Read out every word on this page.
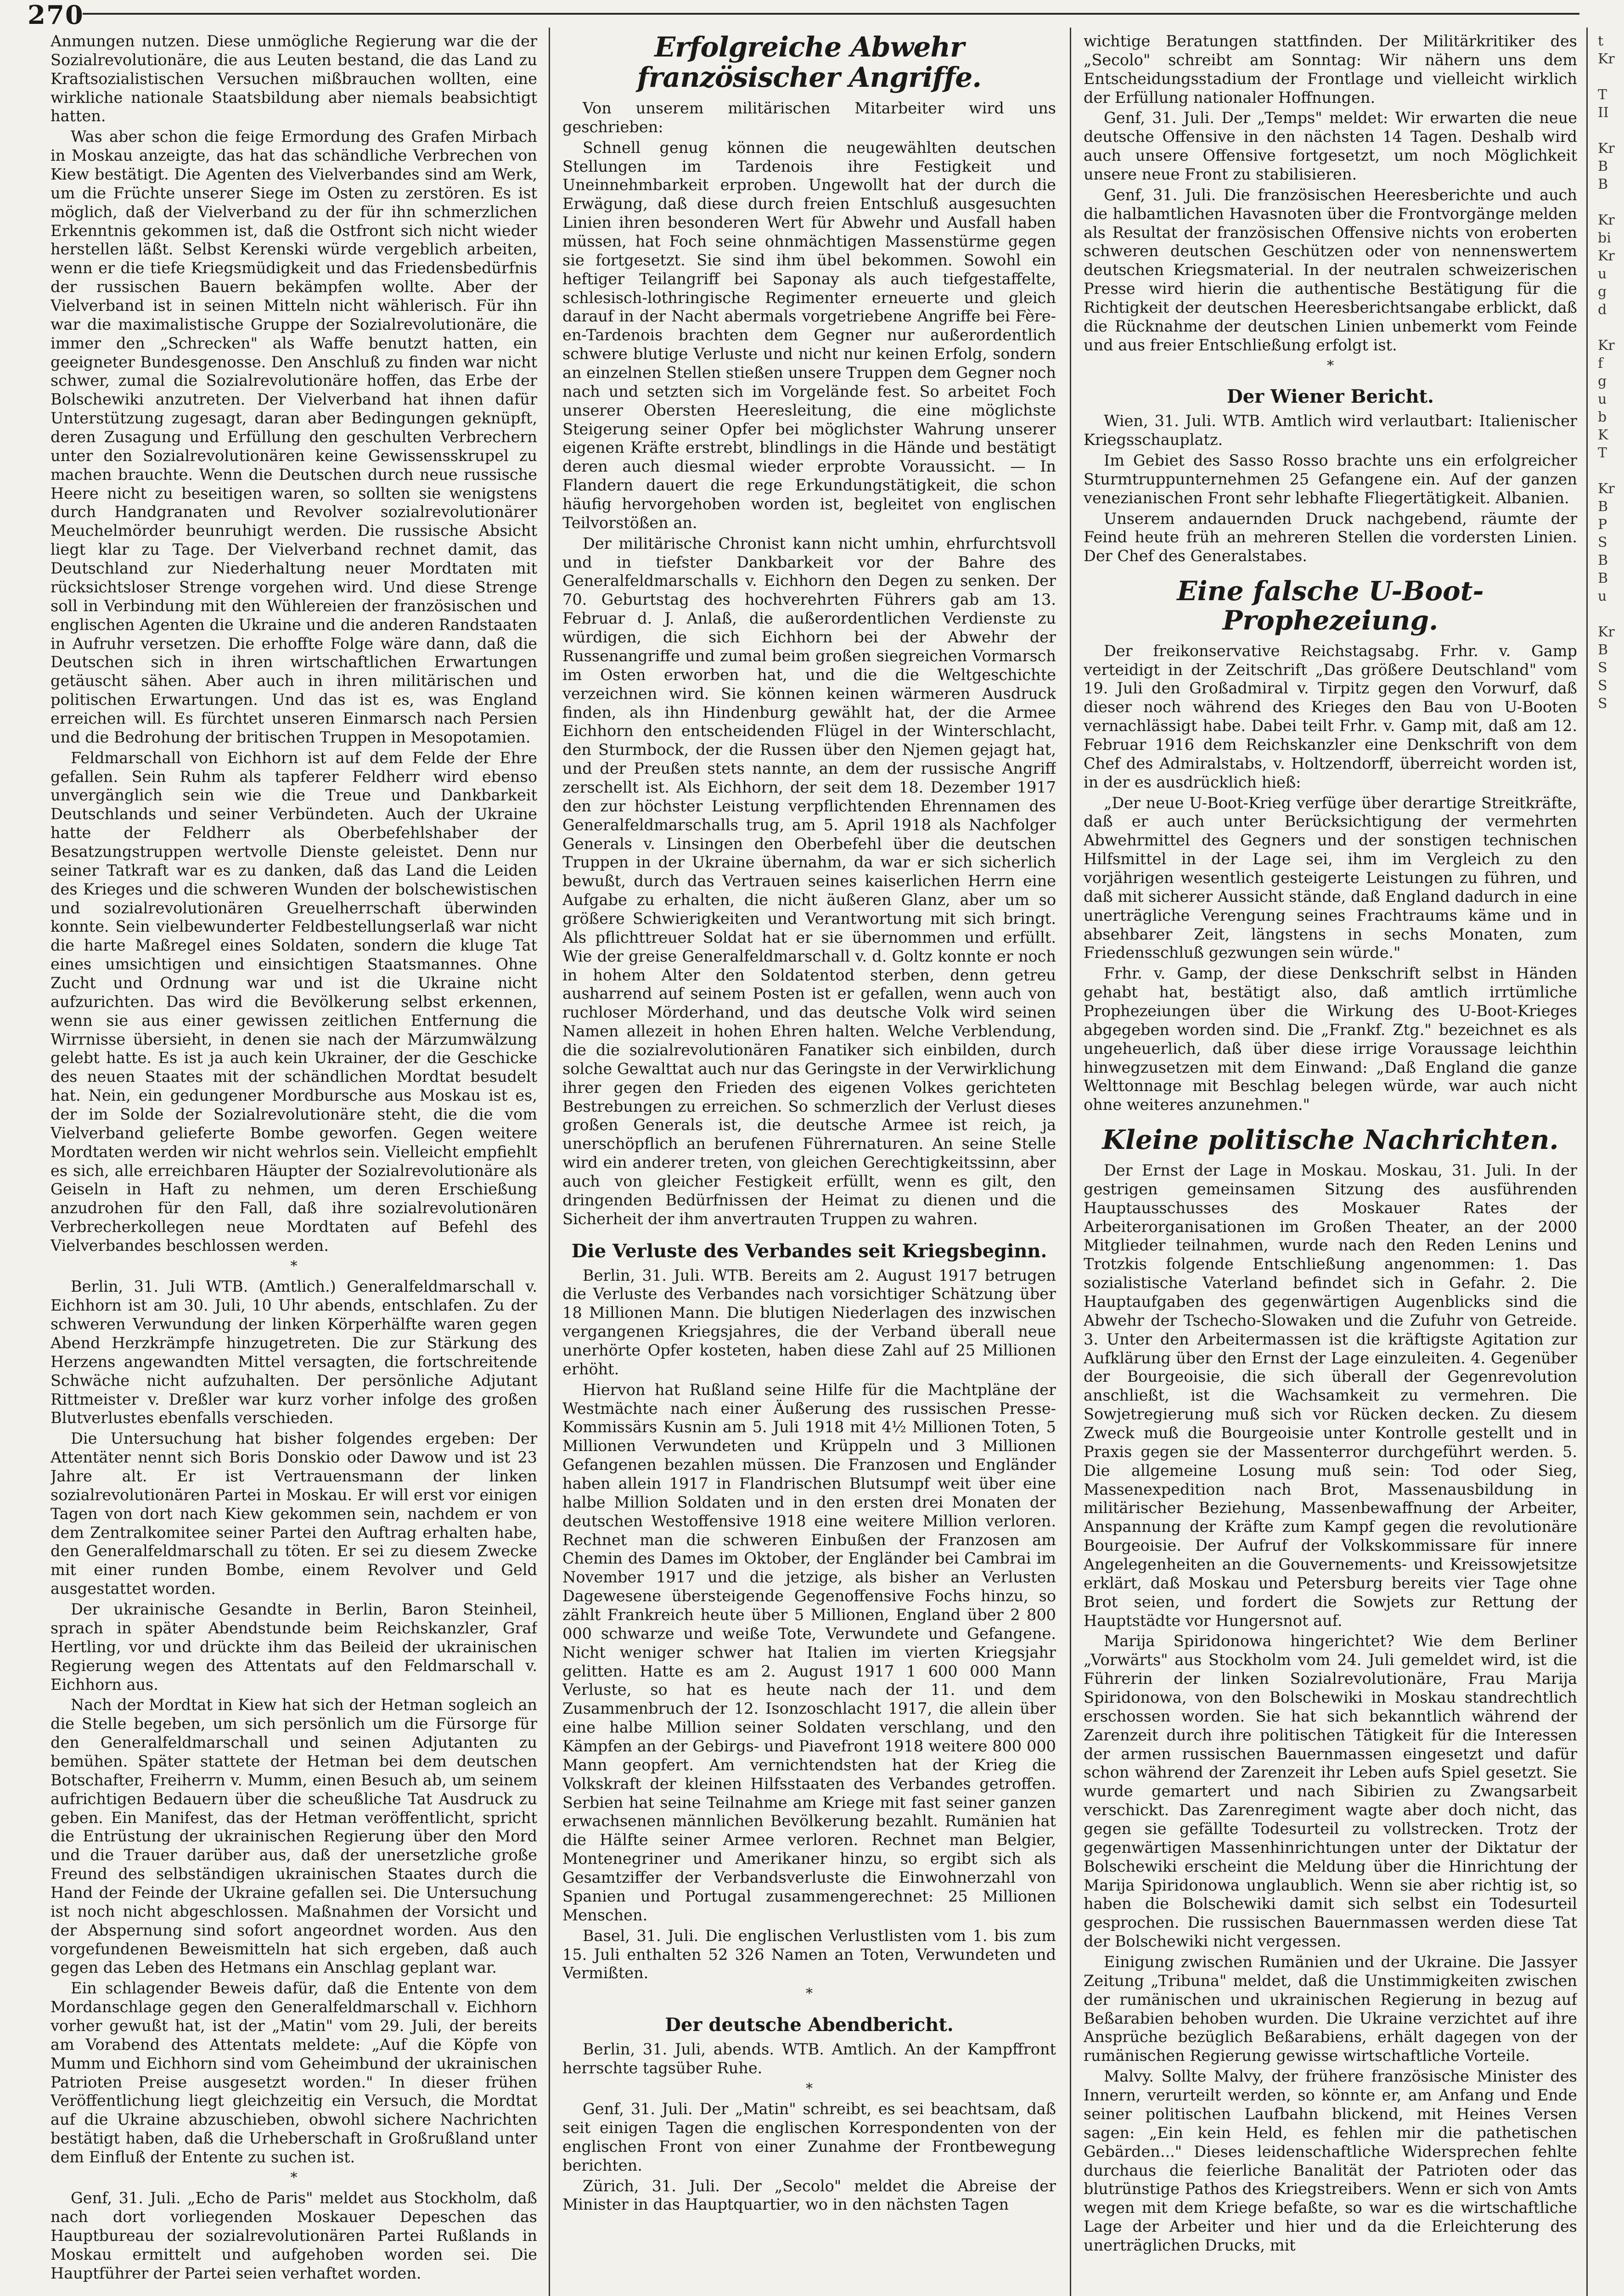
270

Anmungen nutzen. Diese unmögliche Regierung war die der Sozialrevolutionäre, die aus Leuten bestand, die das Land zu Kraftsozialistischen Versuchen mißbrauchen wollten, eine wirkliche nationale Staatsbildung aber niemals beabsichtigt hatten.

Was aber schon die feige Ermordung des Grafen Mirbach in Moskau anzeigte, das hat das schändliche Verbrechen von Kiew bestätigt. Die Agenten des Vielverbandes sind am Werk, um die Früchte unserer Siege im Osten zu zerstören. Es ist möglich, daß der Vielverband zu der für ihn schmerzlichen Erkenntnis gekommen ist, daß die Ostfront sich nicht wieder herstellen läßt. Selbst Kerenski würde vergeblich arbeiten, wenn er die tiefe Kriegsmüdigkeit und das Friedensbedürfnis der russischen Bauern bekämpfen wollte. Aber der Vielverband ist in seinen Mitteln nicht wählerisch. Für ihn war die maximalistische Gruppe der Sozialrevolutionäre, die immer den „Schrecken" als Waffe benutzt hatten, ein geeigneter Bundesgenosse. Den Anschluß zu finden war nicht schwer, zumal die Sozialrevolutionäre hoffen, das Erbe der Bolschewiki anzutreten. Der Vielverband hat ihnen dafür Unterstützung zugesagt, daran aber Bedingungen geknüpft, deren Zusagung und Erfüllung den geschulten Verbrechern unter den Sozialrevolutionären keine Gewissensskrupel zu machen brauchte. Wenn die Deutschen durch neue russische Heere nicht zu beseitigen waren, so sollten sie wenigstens durch Handgranaten und Revolver sozialrevolutionärer Meuchelmörder beunruhigt werden. Die russische Absicht liegt klar zu Tage. Der Vielverband rechnet damit, das Deutschland zur Niederhaltung neuer Mordtaten mit rücksichtsloser Strenge vorgehen wird. Und diese Strenge soll in Verbindung mit den Wühlereien der französischen und englischen Agenten die Ukraine und die anderen Randstaaten in Aufruhr versetzen. Die erhoffte Folge wäre dann, daß die Deutschen sich in ihren wirtschaftlichen Erwartungen getäuscht sähen. Aber auch in ihren militärischen und politischen Erwartungen. Und das ist es, was England erreichen will. Es fürchtet unseren Einmarsch nach Persien und die Bedrohung der britischen Truppen in Mesopotamien.

Feldmarschall von Eichhorn ist auf dem Felde der Ehre gefallen. Sein Ruhm als tapferer Feldherr wird ebenso unvergänglich sein wie die Treue und Dankbarkeit Deutschlands und seiner Verbündeten. Auch der Ukraine hatte der Feldherr als Oberbefehlshaber der Besatzungstruppen wertvolle Dienste geleistet. Denn nur seiner Tatkraft war es zu danken, daß das Land die Leiden des Krieges und die schweren Wunden der bolschewistischen und sozialrevolutionären Greuelherrschaft überwinden konnte. Sein vielbewunderter Feldbestellungserlaß war nicht die harte Maßregel eines Soldaten, sondern die kluge Tat eines umsichtigen und einsichtigen Staatsmannes. Ohne Zucht und Ordnung war und ist die Ukraine nicht aufzurichten. Das wird die Bevölkerung selbst erkennen, wenn sie aus einer gewissen zeitlichen Entfernung die Wirrnisse übersieht, in denen sie nach der Märzumwälzung gelebt hatte. Es ist ja auch kein Ukrainer, der die Geschicke des neuen Staates mit der schändlichen Mordtat besudelt hat. Nein, ein gedungener Mordbursche aus Moskau ist es, der im Solde der Sozialrevolutionäre steht, die die vom Vielverband gelieferte Bombe geworfen. Gegen weitere Mordtaten werden wir nicht wehrlos sein. Vielleicht empfiehlt es sich, alle erreichbaren Häupter der Sozialrevolutionäre als Geiseln in Haft zu nehmen, um deren Erschießung anzudrohen für den Fall, daß ihre sozialrevolutionären Verbrecherkollegen neue Mordtaten auf Befehl des Vielverbandes beschlossen werden.

*

Berlin, 31. Juli WTB. (Amtlich.) Generalfeldmarschall v. Eichhorn ist am 30. Juli, 10 Uhr abends, entschlafen. Zu der schweren Verwundung der linken Körperhälfte waren gegen Abend Herzkrämpfe hinzugetreten. Die zur Stärkung des Herzens angewandten Mittel versagten, die fortschreitende Schwäche nicht aufzuhalten. Der persönliche Adjutant Rittmeister v. Dreßler war kurz vorher infolge des großen Blutverlustes ebenfalls verschieden.

Die Untersuchung hat bisher folgendes ergeben: Der Attentäter nennt sich Boris Donskio oder Dawow und ist 23 Jahre alt. Er ist Vertrauensmann der linken sozialrevolutionären Partei in Moskau. Er will erst vor einigen Tagen von dort nach Kiew gekommen sein, nachdem er von dem Zentralkomitee seiner Partei den Auftrag erhalten habe, den Generalfeldmarschall zu töten. Er sei zu diesem Zwecke mit einer runden Bombe, einem Revolver und Geld ausgestattet worden.

Der ukrainische Gesandte in Berlin, Baron Steinheil, sprach in später Abendstunde beim Reichskanzler, Graf Hertling, vor und drückte ihm das Beileid der ukrainischen Regierung wegen des Attentats auf den Feldmarschall v. Eichhorn aus.

Nach der Mordtat in Kiew hat sich der Hetman sogleich an die Stelle begeben, um sich persönlich um die Fürsorge für den Generalfeldmarschall und seinen Adjutanten zu bemühen. Später stattete der Hetman bei dem deutschen Botschafter, Freiherrn v. Mumm, einen Besuch ab, um seinem aufrichtigen Bedauern über die scheußliche Tat Ausdruck zu geben. Ein Manifest, das der Hetman veröffentlicht, spricht die Entrüstung der ukrainischen Regierung über den Mord und die Trauer darüber aus, daß der unersetzliche große Freund des selbständigen ukrainischen Staates durch die Hand der Feinde der Ukraine gefallen sei. Die Untersuchung ist noch nicht abgeschlossen. Maßnahmen der Vorsicht und der Abspernung sind sofort angeordnet worden. Aus den vorgefundenen Beweismitteln hat sich ergeben, daß auch gegen das Leben des Hetmans ein Anschlag geplant war.

Ein schlagender Beweis dafür, daß die Entente von dem Mordanschlage gegen den Generalfeldmarschall v. Eichhorn vorher gewußt hat, ist der „Matin" vom 29. Juli, der bereits am Vorabend des Attentats meldete: „Auf die Köpfe von Mumm und Eichhorn sind vom Geheimbund der ukrainischen Patrioten Preise ausgesetzt worden." In dieser frühen Veröffentlichung liegt gleichzeitig ein Versuch, die Mordtat auf die Ukraine abzuschieben, obwohl sichere Nachrichten bestätigt haben, daß die Urheberschaft in Großrußland unter dem Einfluß der Entente zu suchen ist.

*

Genf, 31. Juli. „Echo de Paris" meldet aus Stockholm, daß nach dort vorliegenden Moskauer Depeschen das Hauptbureau der sozialrevolutionären Partei Rußlands in Moskau ermittelt und aufgehoben worden sei. Die Hauptführer der Partei seien verhaftet worden.

Erfolgreiche Abwehr französischer Angriffe.

Von unserem militärischen Mitarbeiter wird uns geschrieben:

Schnell genug können die neugewählten deutschen Stellungen im Tardenois ihre Festigkeit und Uneinnehmbarkeit erproben. Ungewollt hat der durch die Erwägung, daß diese durch freien Entschluß ausgesuchten Linien ihren besonderen Wert für Abwehr und Ausfall haben müssen, hat Foch seine ohnmächtigen Massenstürme gegen sie fortgesetzt. Sie sind ihm übel bekommen. Sowohl ein heftiger Teilangriff bei Saponay als auch tiefgestaffelte, schlesisch-lothringische Regimenter erneuerte und gleich darauf in der Nacht abermals vorgetriebene Angriffe bei Fère-en-Tardenois brachten dem Gegner nur außerordentlich schwere blutige Verluste und nicht nur keinen Erfolg, sondern an einzelnen Stellen stießen unsere Truppen dem Gegner noch nach und setzten sich im Vorgelände fest. So arbeitet Foch unserer Obersten Heeresleitung, die eine möglichste Steigerung seiner Opfer bei möglichster Wahrung unserer eigenen Kräfte erstrebt, blindlings in die Hände und bestätigt deren auch diesmal wieder erprobte Voraussicht. — In Flandern dauert die rege Erkundungstätigkeit, die schon häufig hervorgehoben worden ist, begleitet von englischen Teilvorstößen an.

Der militärische Chronist kann nicht umhin, ehrfurchtsvoll und in tiefster Dankbarkeit vor der Bahre des Generalfeldmarschalls v. Eichhorn den Degen zu senken. Der 70. Geburtstag des hochverehrten Führers gab am 13. Februar d. J. Anlaß, die außerordentlichen Verdienste zu würdigen, die sich Eichhorn bei der Abwehr der Russenangriffe und zumal beim großen siegreichen Vormarsch im Osten erworben hat, und die die Weltgeschichte verzeichnen wird. Sie können keinen wärmeren Ausdruck finden, als ihn Hindenburg gewählt hat, der die Armee Eichhorn den entscheidenden Flügel in der Winterschlacht, den Sturmbock, der die Russen über den Njemen gejagt hat, und der Preußen stets nannte, an dem der russische Angriff zerschellt ist. Als Eichhorn, der seit dem 18. Dezember 1917 den zur höchster Leistung verpflichtenden Ehrennamen des Generalfeldmarschalls trug, am 5. April 1918 als Nachfolger Generals v. Linsingen den Oberbefehl über die deutschen Truppen in der Ukraine übernahm, da war er sich sicherlich bewußt, durch das Vertrauen seines kaiserlichen Herrn eine Aufgabe zu erhalten, die nicht äußeren Glanz, aber um so größere Schwierigkeiten und Verantwortung mit sich bringt. Als pflichttreuer Soldat hat er sie übernommen und erfüllt. Wie der greise Generalfeldmarschall v. d. Goltz konnte er noch in hohem Alter den Soldatentod sterben, denn getreu ausharrend auf seinem Posten ist er gefallen, wenn auch von ruchloser Mörderhand, und das deutsche Volk wird seinen Namen allezeit in hohen Ehren halten. Welche Verblendung, die die sozialrevolutionären Fanatiker sich einbilden, durch solche Gewalttat auch nur das Geringste in der Verwirklichung ihrer gegen den Frieden des eigenen Volkes gerichteten Bestrebungen zu erreichen. So schmerzlich der Verlust dieses großen Generals ist, die deutsche Armee ist reich, ja unerschöpflich an berufenen Führernaturen. An seine Stelle wird ein anderer treten, von gleichen Gerechtigkeitssinn, aber auch von gleicher Festigkeit erfüllt, wenn es gilt, den dringenden Bedürfnissen der Heimat zu dienen und die Sicherheit der ihm anvertrauten Truppen zu wahren.

Die Verluste des Verbandes seit Kriegsbeginn.

Berlin, 31. Juli. WTB. Bereits am 2. August 1917 betrugen die Verluste des Verbandes nach vorsichtiger Schätzung über 18 Millionen Mann. Die blutigen Niederlagen des inzwischen vergangenen Kriegsjahres, die der Verband überall neue unerhörte Opfer kosteten, haben diese Zahl auf 25 Millionen erhöht.

Hiervon hat Rußland seine Hilfe für die Machtpläne der Westmächte nach einer Äußerung des russischen Presse-Kommissärs Kusnin am 5. Juli 1918 mit 4½ Millionen Toten, 5 Millionen Verwundeten und Krüppeln und 3 Millionen Gefangenen bezahlen müssen. Die Franzosen und Engländer haben allein 1917 in Flandrischen Blutsumpf weit über eine halbe Million Soldaten und in den ersten drei Monaten der deutschen Westoffensive 1918 eine weitere Million verloren. Rechnet man die schweren Einbußen der Franzosen am Chemin des Dames im Oktober, der Engländer bei Cambrai im November 1917 und die jetzige, als bisher an Verlusten Dagewesene übersteigende Gegenoffensive Fochs hinzu, so zählt Frankreich heute über 5 Millionen, England über 2 800 000 schwarze und weiße Tote, Verwundete und Gefangene. Nicht weniger schwer hat Italien im vierten Kriegsjahr gelitten. Hatte es am 2. August 1917 1 600 000 Mann Verluste, so hat es heute nach der 11. und dem Zusammenbruch der 12. Isonzoschlacht 1917, die allein über eine halbe Million seiner Soldaten verschlang, und den Kämpfen an der Gebirgs- und Piavefront 1918 weitere 800 000 Mann geopfert. Am vernichtendsten hat der Krieg die Volkskraft der kleinen Hilfsstaaten des Verbandes getroffen. Serbien hat seine Teilnahme am Kriege mit fast seiner ganzen erwachsenen männlichen Bevölkerung bezahlt. Rumänien hat die Hälfte seiner Armee verloren. Rechnet man Belgier, Montenegriner und Amerikaner hinzu, so ergibt sich als Gesamtziffer der Verbandsverluste die Einwohnerzahl von Spanien und Portugal zusammengerechnet: 25 Millionen Menschen.

Basel, 31. Juli. Die englischen Verlustlisten vom 1. bis zum 15. Juli enthalten 52 326 Namen an Toten, Verwundeten und Vermißten.

*
Der deutsche Abendbericht.

Berlin, 31. Juli, abends. WTB. Amtlich. An der Kampffront herrschte tagsüber Ruhe.

*

Genf, 31. Juli. Der „Matin" schreibt, es sei beachtsam, daß seit einigen Tagen die englischen Korrespondenten von der englischen Front von einer Zunahme der Frontbewegung berichten.

Zürich, 31. Juli. Der „Secolo" meldet die Abreise der Minister in das Hauptquartier, wo in den nächsten Tagen

wichtige Beratungen stattfinden. Der Militärkritiker des „Secolo" schreibt am Sonntag: Wir nähern uns dem Entscheidungsstadium der Frontlage und vielleicht wirklich der Erfüllung nationaler Hoffnungen.

Genf, 31. Juli. Der „Temps" meldet: Wir erwarten die neue deutsche Offensive in den nächsten 14 Tagen. Deshalb wird auch unsere Offensive fortgesetzt, um noch Möglichkeit unsere neue Front zu stabilisieren.

Genf, 31. Juli. Die französischen Heeresberichte und auch die halbamtlichen Havasnoten über die Frontvorgänge melden als Resultat der französischen Offensive nichts von eroberten schweren deutschen Geschützen oder von nennenswertem deutschen Kriegsmaterial. In der neutralen schweizerischen Presse wird hierin die authentische Bestätigung für die Richtigkeit der deutschen Heeresberichtsangabe erblickt, daß die Rücknahme der deutschen Linien unbemerkt vom Feinde und aus freier Entschließung erfolgt ist.

*
Der Wiener Bericht.

Wien, 31. Juli. WTB. Amtlich wird verlautbart: Italienischer Kriegsschauplatz.

Im Gebiet des Sasso Rosso brachte uns ein erfolgreicher Sturmtruppunternehmen 25 Gefangene ein. Auf der ganzen venezianischen Front sehr lebhafte Fliegertätigkeit. Albanien.

Unserem andauernden Druck nachgebend, räumte der Feind heute früh an mehreren Stellen die vordersten Linien. Der Chef des Generalstabes.

Eine falsche U-Boot-Prophezeiung.

Der freikonservative Reichstagsabg. Frhr. v. Gamp verteidigt in der Zeitschrift „Das größere Deutschland" vom 19. Juli den Großadmiral v. Tirpitz gegen den Vorwurf, daß dieser noch während des Krieges den Bau von U-Booten vernachlässigt habe. Dabei teilt Frhr. v. Gamp mit, daß am 12. Februar 1916 dem Reichskanzler eine Denkschrift von dem Chef des Admiralstabs, v. Holtzendorff, überreicht worden ist, in der es ausdrücklich hieß:

„Der neue U-Boot-Krieg verfüge über derartige Streitkräfte, daß er auch unter Berücksichtigung der vermehrten Abwehrmittel des Gegners und der sonstigen technischen Hilfsmittel in der Lage sei, ihm im Vergleich zu den vorjährigen wesentlich gesteigerte Leistungen zu führen, und daß mit sicherer Aussicht stände, daß England dadurch in eine unerträgliche Verengung seines Frachtraums käme und in absehbarer Zeit, längstens in sechs Monaten, zum Friedensschluß gezwungen sein würde."

Frhr. v. Gamp, der diese Denkschrift selbst in Händen gehabt hat, bestätigt also, daß amtlich irrtümliche Prophezeiungen über die Wirkung des U-Boot-Krieges abgegeben worden sind. Die „Frankf. Ztg." bezeichnet es als ungeheuerlich, daß über diese irrige Voraussage leichthin hinwegzusetzen mit dem Einwand: „Daß England die ganze Welttonnage mit Beschlag belegen würde, war auch nicht ohne weiteres anzunehmen."

Kleine politische Nachrichten.

Der Ernst der Lage in Moskau. Moskau, 31. Juli. In der gestrigen gemeinsamen Sitzung des ausführenden Hauptausschusses des Moskauer Rates der Arbeiterorganisationen im Großen Theater, an der 2000 Mitglieder teilnahmen, wurde nach den Reden Lenins und Trotzkis folgende Entschließung angenommen: 1. Das sozialistische Vaterland befindet sich in Gefahr. 2. Die Hauptaufgaben des gegenwärtigen Augenblicks sind die Abwehr der Tschecho-Slowaken und die Zufuhr von Getreide. 3. Unter den Arbeitermassen ist die kräftigste Agitation zur Aufklärung über den Ernst der Lage einzuleiten. 4. Gegenüber der Bourgeoisie, die sich überall der Gegenrevolution anschließt, ist die Wachsamkeit zu vermehren. Die Sowjetregierung muß sich vor Rücken decken. Zu diesem Zweck muß die Bourgeoisie unter Kontrolle gestellt und in Praxis gegen sie der Massenterror durchgeführt werden. 5. Die allgemeine Losung muß sein: Tod oder Sieg, Massenexpedition nach Brot, Massenausbildung in militärischer Beziehung, Massenbewaffnung der Arbeiter, Anspannung der Kräfte zum Kampf gegen die revolutionäre Bourgeoisie. Der Aufruf der Volkskommissare für innere Angelegenheiten an die Gouvernements- und Kreissowjetsitze erklärt, daß Moskau und Petersburg bereits vier Tage ohne Brot seien, und fordert die Sowjets zur Rettung der Hauptstädte vor Hungersnot auf.

Marija Spiridonowa hingerichtet? Wie dem Berliner „Vorwärts" aus Stockholm vom 24. Juli gemeldet wird, ist die Führerin der linken Sozialrevolutionäre, Frau Marija Spiridonowa, von den Bolschewiki in Moskau standrechtlich erschossen worden. Sie hat sich bekanntlich während der Zarenzeit durch ihre politischen Tätigkeit für die Interessen der armen russischen Bauernmassen eingesetzt und dafür schon während der Zarenzeit ihr Leben aufs Spiel gesetzt. Sie wurde gemartert und nach Sibirien zu Zwangsarbeit verschickt. Das Zarenregiment wagte aber doch nicht, das gegen sie gefällte Todesurteil zu vollstrecken. Trotz der gegenwärtigen Massenhinrichtungen unter der Diktatur der Bolschewiki erscheint die Meldung über die Hinrichtung der Marija Spiridonowa unglaublich. Wenn sie aber richtig ist, so haben die Bolschewiki damit sich selbst ein Todesurteil gesprochen. Die russischen Bauernmassen werden diese Tat der Bolschewiki nicht vergessen.

Einigung zwischen Rumänien und der Ukraine. Die Jassyer Zeitung „Tribuna" meldet, daß die Unstimmigkeiten zwischen der rumänischen und ukrainischen Regierung in bezug auf Beßarabien behoben wurden. Die Ukraine verzichtet auf ihre Ansprüche bezüglich Beßarabiens, erhält dagegen von der rumänischen Regierung gewisse wirtschaftliche Vorteile.

Malvy. Sollte Malvy, der frühere französische Minister des Innern, verurteilt werden, so könnte er, am Anfang und Ende seiner politischen Laufbahn blickend, mit Heines Versen sagen: „Ein kein Held, es fehlen mir die pathetischen Gebärden..." Dieses leidenschaftliche Widersprechen fehlte durchaus die feierliche Banalität der Patrioten oder das blutrünstige Pathos des Kriegstreibers. Wenn er sich von Amts wegen mit dem Kriege befaßte, so war es die wirtschaftliche Lage der Arbeiter und hier und da die Erleichterung des unerträglichen Drucks, mit

t
Kr

T
II

Kr
B
B

Kr
bi
Kr
u
g
d

Kr
f
g
u
b
K
T

Kr
B
P
S
B
B
u

Kr
B
S
S
S
